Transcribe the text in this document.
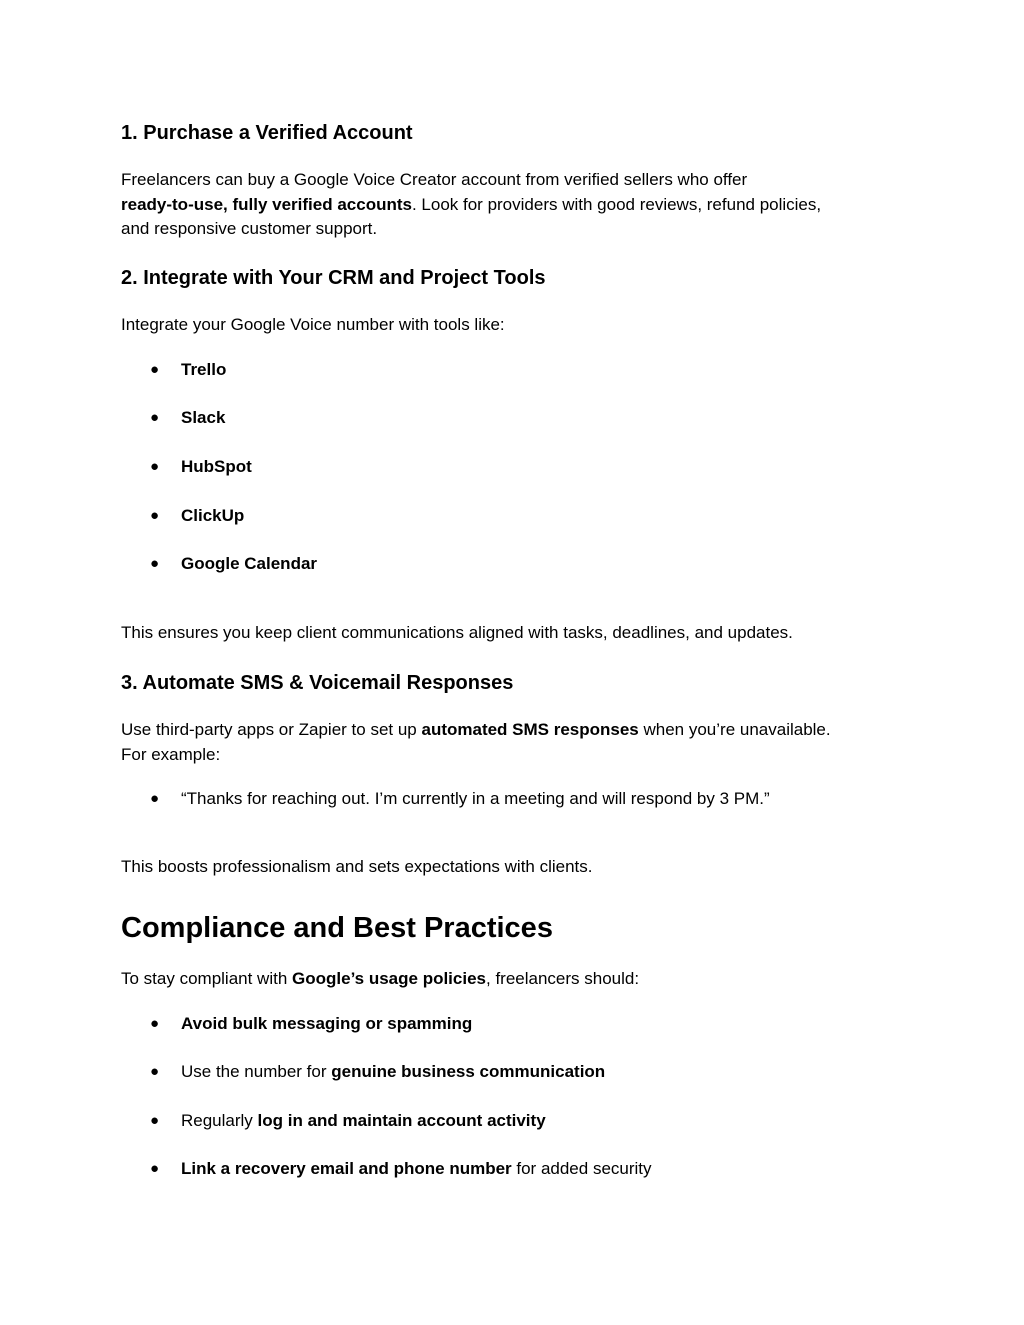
1. Purchase a Verified Account

Freelancers can buy a Google Voice Creator account from verified sellers who offer
ready-to-use, fully verified accounts. Look for providers with good reviews, refund policies,
and responsive customer support.

2. Integrate with Your CRM and Project Tools

Integrate your Google Voice number with tools like:

● Trello
● Slack
● HubSpot
● ClickUp
● Google Calendar

This ensures you keep client communications aligned with tasks, deadlines, and updates.

3. Automate SMS & Voicemail Responses

Use third-party apps or Zapier to set up automated SMS responses when you’re unavailable.
For example:

● “Thanks for reaching out. I’m currently in a meeting and will respond by 3 PM.”

This boosts professionalism and sets expectations with clients.

Compliance and Best Practices

To stay compliant with Google’s usage policies, freelancers should:

● Avoid bulk messaging or spamming
● Use the number for genuine business communication
● Regularly log in and maintain account activity
● Link a recovery email and phone number for added security
